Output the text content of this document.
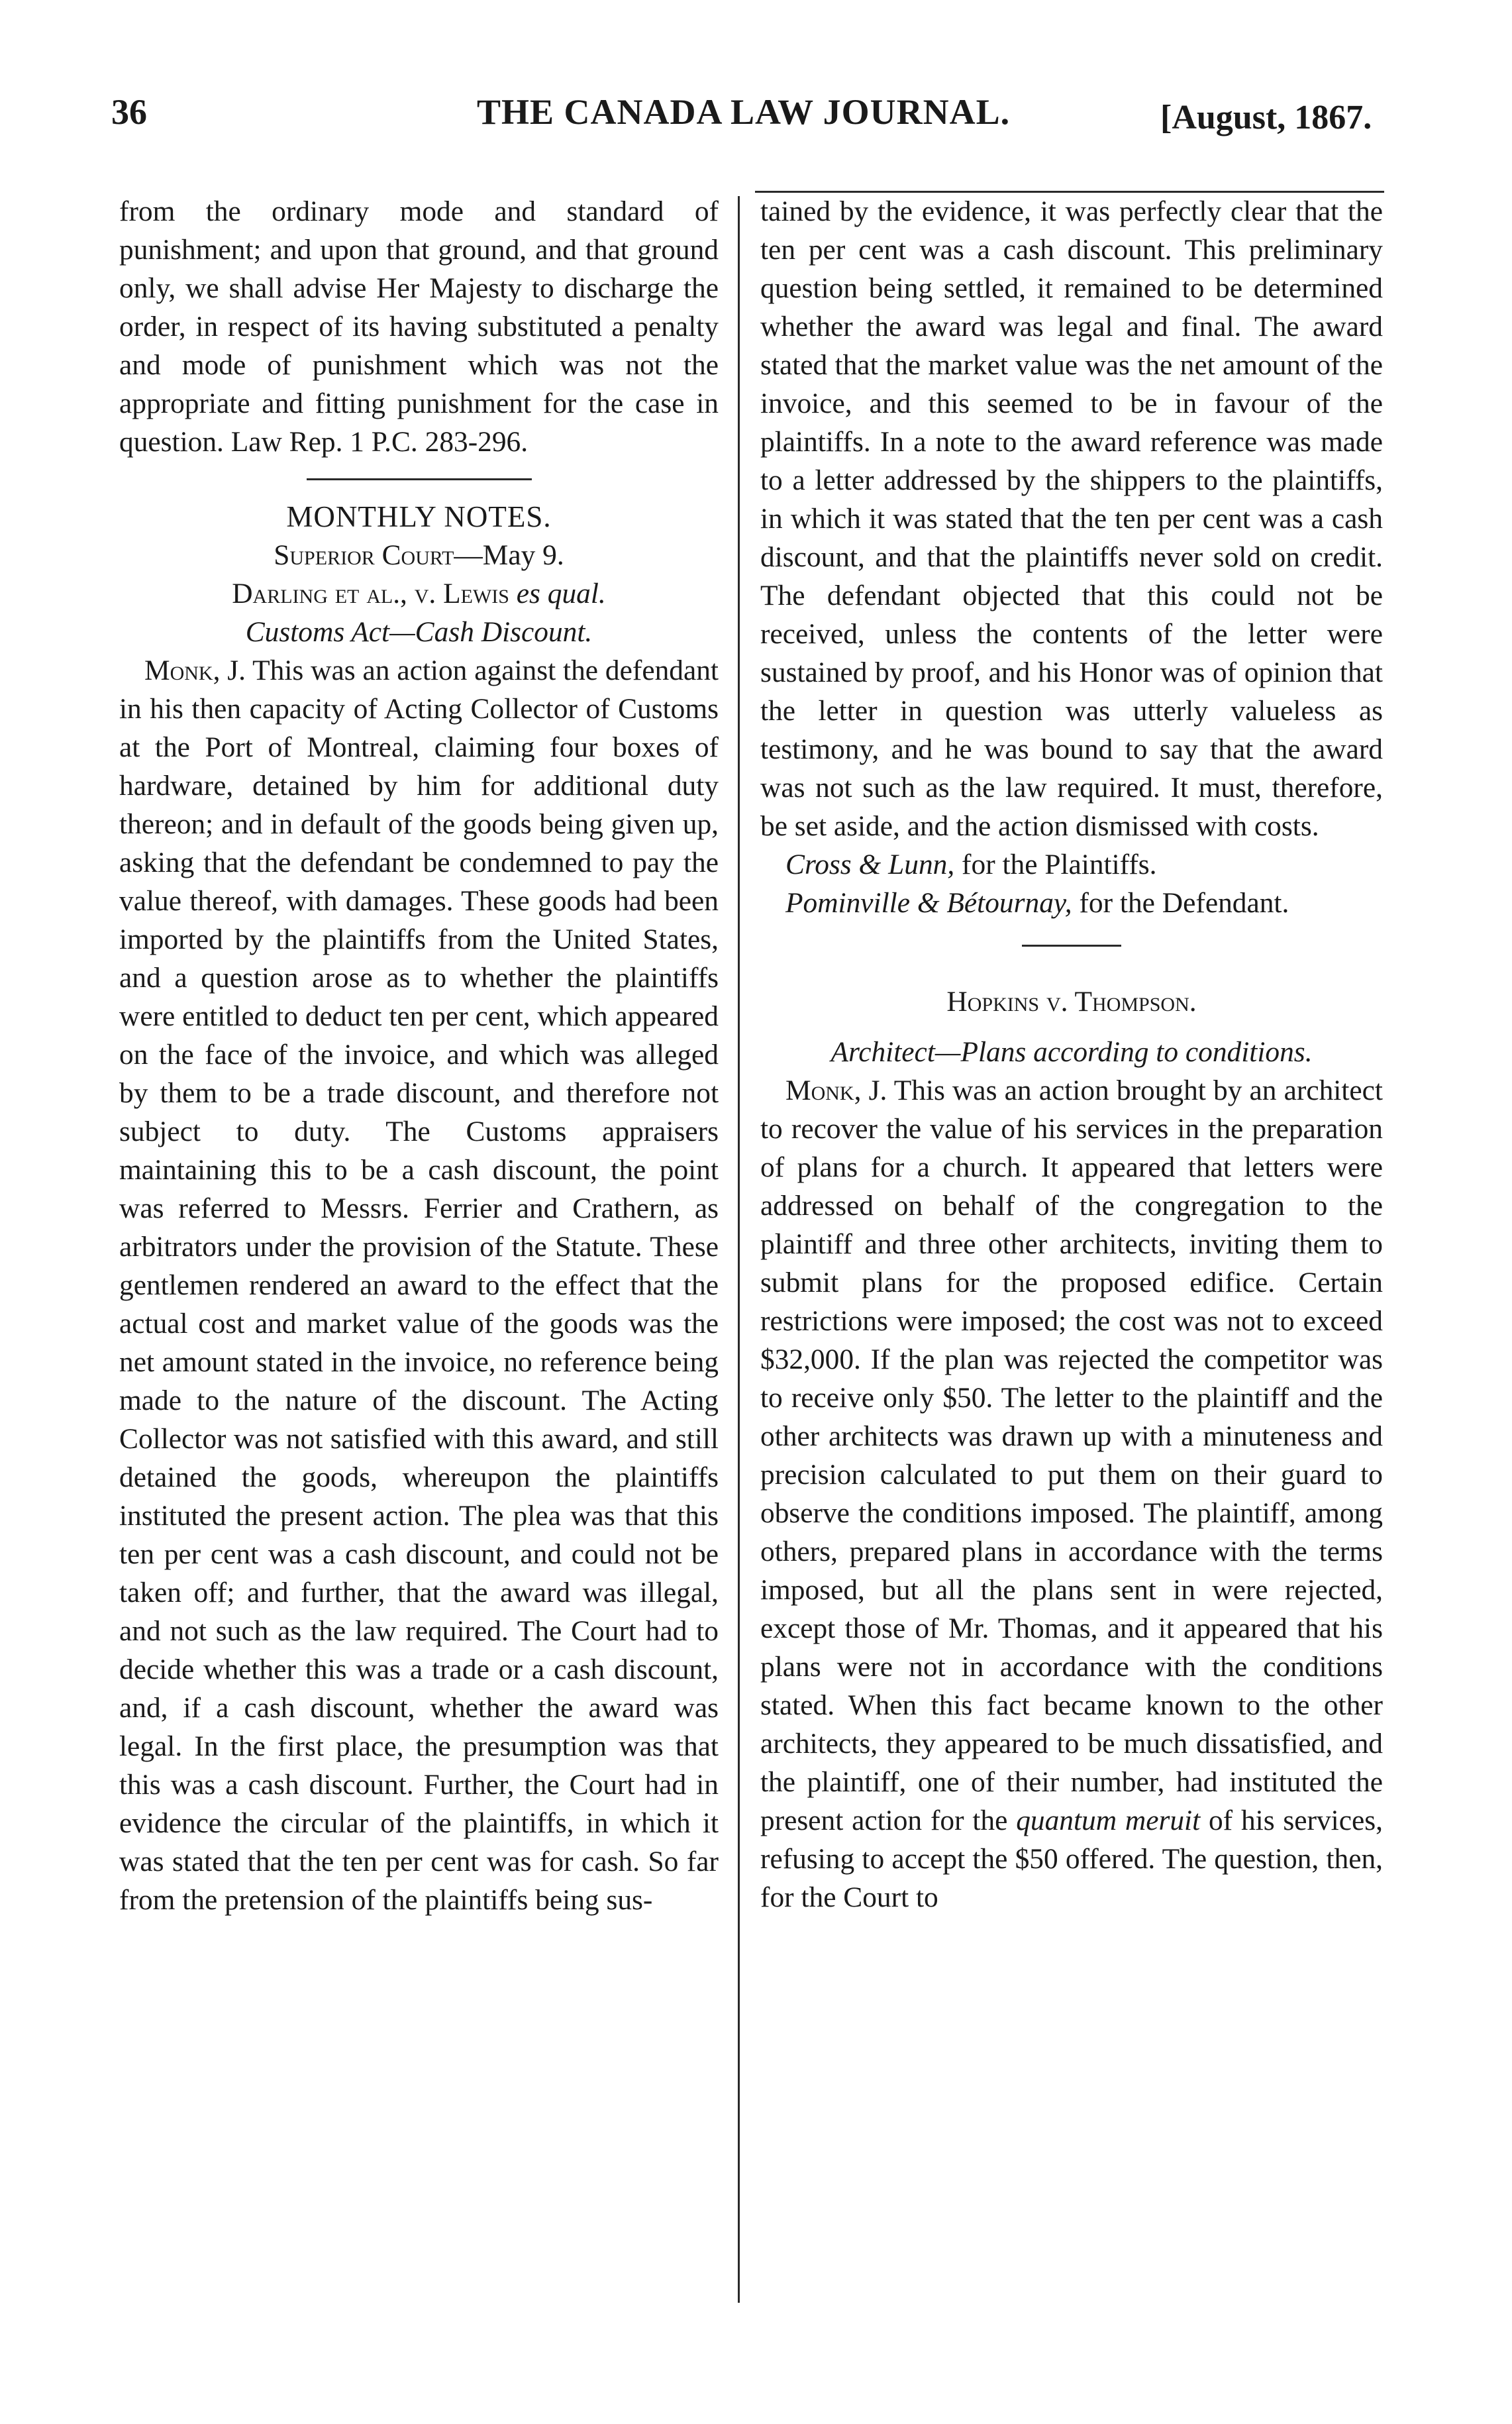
36	THE CANADA LAW JOURNAL.	[August, 1867.

from the ordinary mode and standard of punishment; and upon that ground, and that ground only, we shall advise Her Majesty to discharge the order, in respect of its having substituted a penalty and mode of punishment which was not the appropriate and fitting punishment for the case in question. Law Rep. 1 P.C. 283-296.

MONTHLY NOTES.

Superior Court—May 9.

Darling et al., v. Lewis es qual.

Customs Act—Cash Discount.

Monk, J. This was an action against the defendant in his then capacity of Acting Collector of Customs at the Port of Montreal, claiming four boxes of hardware, detained by him for additional duty thereon; and in default of the goods being given up, asking that the defendant be condemned to pay the value thereof, with damages. These goods had been imported by the plaintiffs from the United States, and a question arose as to whether the plaintiffs were entitled to deduct ten per cent, which appeared on the face of the invoice, and which was alleged by them to be a trade discount, and therefore not subject to duty. The Customs appraisers maintaining this to be a cash discount, the point was referred to Messrs. Ferrier and Crathern, as arbitrators under the provision of the Statute. These gentlemen rendered an award to the effect that the actual cost and market value of the goods was the net amount stated in the invoice, no reference being made to the nature of the discount. The Acting Collector was not satisfied with this award, and still detained the goods, whereupon the plaintiffs instituted the present action. The plea was that this ten per cent was a cash discount, and could not be taken off; and further, that the award was illegal, and not such as the law required. The Court had to decide whether this was a trade or a cash discount, and, if a cash discount, whether the award was legal. In the first place, the presumption was that this was a cash discount. Further, the Court had in evidence the circular of the plaintiffs, in which it was stated that the ten per cent was for cash. So far from the pretension of the plaintiffs being sus-

tained by the evidence, it was perfectly clear that the ten per cent was a cash discount. This preliminary question being settled, it remained to be determined whether the award was legal and final. The award stated that the market value was the net amount of the invoice, and this seemed to be in favour of the plaintiffs. In a note to the award reference was made to a letter addressed by the shippers to the plaintiffs, in which it was stated that the ten per cent was a cash discount, and that the plaintiffs never sold on credit. The defendant objected that this could not be received, unless the contents of the letter were sustained by proof, and his Honor was of opinion that the letter in question was utterly valueless as testimony, and he was bound to say that the award was not such as the law required. It must, therefore, be set aside, and the action dismissed with costs.

Cross & Lunn, for the Plaintiffs.

Pominville & Bétournay, for the Defendant.

Hopkins v. Thompson.

Architect—Plans according to conditions.

Monk, J. This was an action brought by an architect to recover the value of his services in the preparation of plans for a church. It appeared that letters were addressed on behalf of the congregation to the plaintiff and three other architects, inviting them to submit plans for the proposed edifice. Certain restrictions were imposed; the cost was not to exceed $32,000. If the plan was rejected the competitor was to receive only $50. The letter to the plaintiff and the other architects was drawn up with a minuteness and precision calculated to put them on their guard to observe the conditions imposed. The plaintiff, among others, prepared plans in accordance with the terms imposed, but all the plans sent in were rejected, except those of Mr. Thomas, and it appeared that his plans were not in accordance with the conditions stated. When this fact became known to the other architects, they appeared to be much dissatisfied, and the plaintiff, one of their number, had instituted the present action for the quantum meruit of his services, refusing to accept the $50 offered. The question, then, for the Court to
